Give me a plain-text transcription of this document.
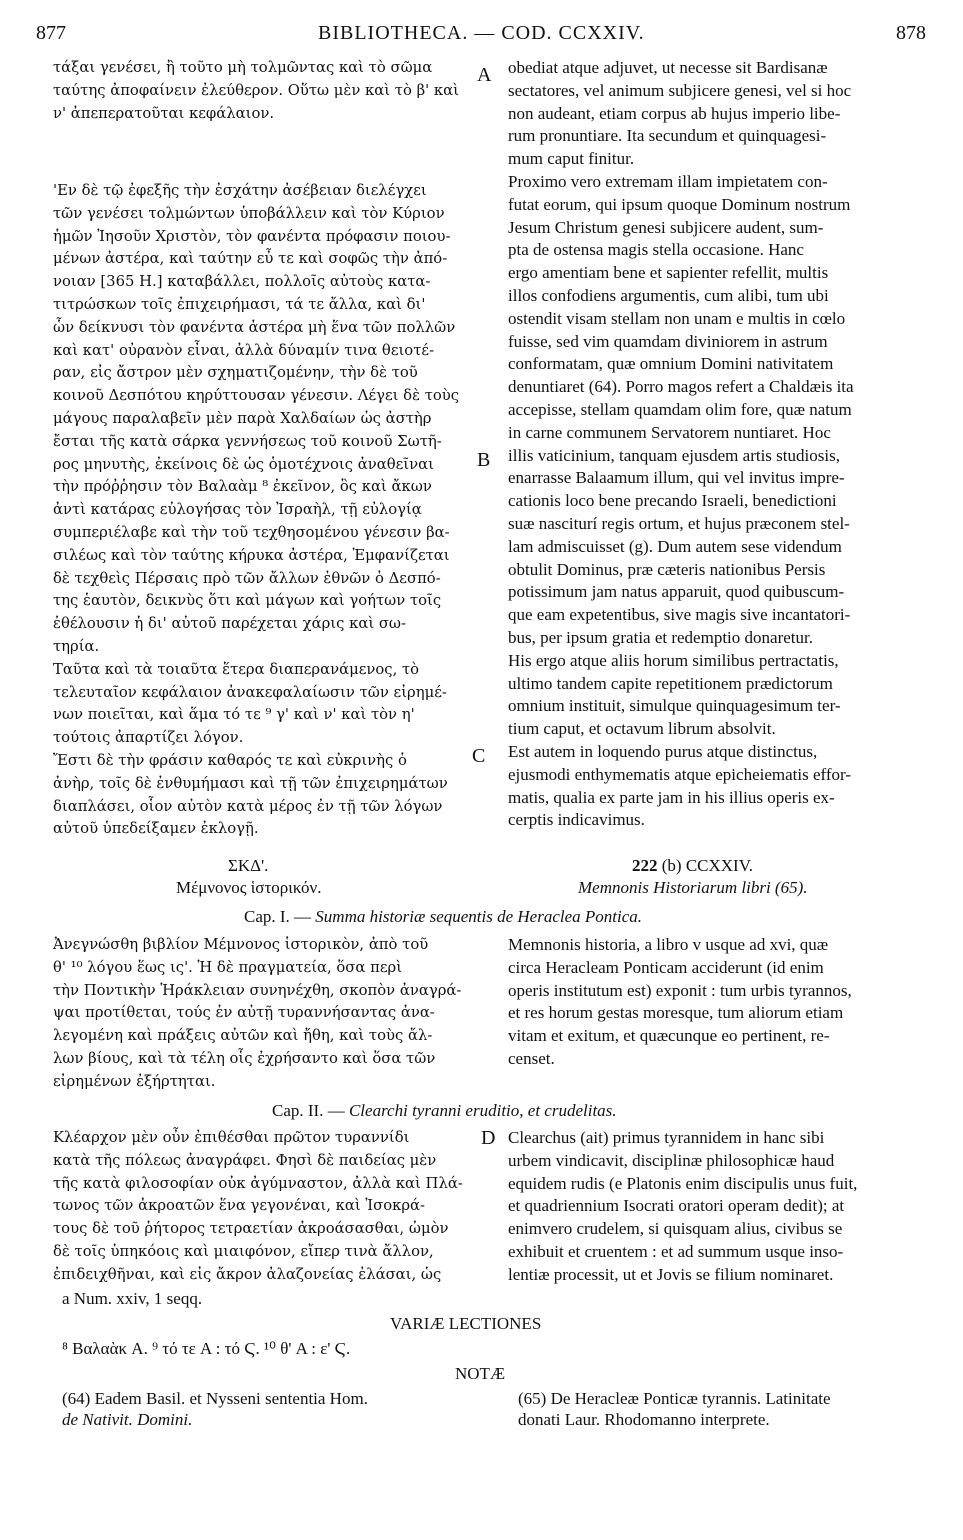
877	BIBLIOTHECA. — COD. CCXXIV.	878
A
B
C
D
τάξαι γενέσει, ἢ τοῦτο μὴ τολμῶντας καὶ τὸ σῶμα
ταύτης ἀποφαίνειν ἐλεύθερον. Οὕτω μὲν καὶ τὸ β' καὶ
ν' ἀπεπερατοῦται κεφάλαιον.
'Εν δὲ τῷ ἐφεξῆς τὴν ἐσχάτην ἀσέβειαν διελέγχει
τῶν γενέσει τολμώντων ὑποβάλλειν καὶ τὸν Κύριον
ἡμῶν Ἰησοῦν Χριστὸν, τὸν φανέντα πρόφασιν ποιου-
μένων ἀστέρα, καὶ ταύτην εὖ τε καὶ σοφῶς τὴν ἀπό-
νοιαν [365 Η.] καταβάλλει, πολλοῖς αὐτοὺς κατα-
τιτρώσκων τοῖς ἐπιχειρήμασι, τά τε ἄλλα, καὶ δι'
ὧν δείκνυσι τὸν φανέντα ἀστέρα μὴ ἕνα τῶν πολλῶν
καὶ κατ' οὐρανὸν εἶναι, ἀλλὰ δύναμίν τινα θειοτέ-
ραν, εἰς ἄστρον μὲν σχηματιζομένην, τὴν δὲ τοῦ
κοινοῦ Δεσπότου κηρύττουσαν γένεσιν. Λέγει δὲ τοὺς
μάγους παραλαβεῖν μὲν παρὰ Χαλδαίων ὡς ἀστὴρ
ἔσται τῆς κατὰ σάρκα γεννήσεως τοῦ κοινοῦ Σωτῆ-
ρος μηνυτὴς, ἐκείνοις δὲ ὡς ὁμοτέχνοις ἀναθεῖναι
τὴν πρόῤῥησιν τὸν Βαλαὰμ ⁸ ἐκεῖνον, ὃς καὶ ἄκων
ἀντὶ κατάρας εὐλογήσας τὸν Ἰσραὴλ, τῇ εὐλογίᾳ
συμπεριέλαβε καὶ τὴν τοῦ τεχθησομένου γένεσιν βα-
σιλέως καὶ τὸν ταύτης κήρυκα ἀστέρα, Ἐμφανίζεται
δὲ τεχθεὶς Πέρσαις πρὸ τῶν ἄλλων ἐθνῶν ὁ Δεσπό-
της ἑαυτὸν, δεικνὺς ὅτι καὶ μάγων καὶ γοήτων τοῖς
ἐθέλουσιν ἡ δι' αὐτοῦ παρέχεται χάρις καὶ σω-
τηρία.
Ταῦτα καὶ τὰ τοιαῦτα ἕτερα διαπερανάμενος, τὸ
τελευταῖον κεφάλαιον ἀνακεφαλαίωσιν τῶν εἰρημέ-
νων ποιεῖται, καὶ ἅμα τό τε ⁹ γ' καὶ ν' καὶ τὸν η'
τούτοις ἀπαρτίζει λόγον.
Ἔστι δὲ τὴν φράσιν καθαρός τε καὶ εὐκρινὴς ὁ
ἀνὴρ, τοῖς δὲ ἐνθυμήμασι καὶ τῇ τῶν ἐπιχειρημάτων
διαπλάσει, οἷον αὐτὸν κατὰ μέρος ἐν τῇ τῶν λόγων
αὐτοῦ ὑπεδείξαμεν ἐκλογῇ.
obediat atque adjuvet, ut necesse sit Bardisanæ
sectatores, vel animum subjicere genesi, vel si hoc
non audeant, etiam corpus ab hujus imperio libe-
rum pronuntiare. Ita secundum et quinquagesi-
mum caput finitur.
Proximo vero extremam illam impietatem con-
futat eorum, qui ipsum quoque Dominum nostrum
Jesum Christum genesi subjicere audent, sum-
pta de ostensa magis stella occasione. Hanc
ergo amentiam bene et sapienter refellit, multis
illos confodiens argumentis, cum alibi, tum ubi
ostendit visam stellam non unam e multis in cœlo
fuisse, sed vim quamdam diviniorem in astrum
conformatam, quæ omnium Domini nativitatem
denuntiaret (64). Porro magos refert a Chaldæis ita
accepisse, stellam quamdam olim fore, quæ natum
in carne communem Servatorem nuntiaret. Hoc
illis vaticinium, tanquam ejusdem artis studiosis,
enarrasse Balaamum illum, qui vel invitus impre-
cationis loco bene precando Israeli, benedictioni
suæ nasciturí regis ortum, et hujus præconem stel-
lam admiscuisset (g). Dum autem sese videndum
obtulit Dominus, præ cæteris nationibus Persis
potissimum jam natus apparuit, quod quibuscum-
que eam expetentibus, sive magis sive incantatori-
bus, per ipsum gratia et redemptio donaretur.
His ergo atque aliis horum similibus pertractatis,
ultimo tandem capite repetitionem prædictorum
omnium instituit, simulque quinquagesimum ter-
tium caput, et octavum librum absolvit.
Est autem in loquendo purus atque distinctus,
ejusmodi enthymematis atque epicheiematis effor-
matis, qualia ex parte jam in his illius operis ex-
cerptis indicavimus.
ΣΚΔ'.
Μέμνονος ἱστορικόν.
222 (b) CCXXIV.
Memnonis Historiarum libri (65).
Cap. I. — Summa historiæ sequentis de Heraclea Pontica.
Ἀνεγνώσθη βιβλίον Μέμνονος ἱστορικὸν, ἀπὸ τοῦ
θ' ¹⁰ λόγου ἕως ις'. Ἡ δὲ πραγματεία, ὅσα περὶ
τὴν Ποντικὴν Ἡράκλειαν συνηνέχθη, σκοπὸν ἀναγρά-
ψαι προτίθεται, τούς ἐν αὐτῇ τυραννήσαντας ἀνα-
λεγομένη καὶ πράξεις αὐτῶν καὶ ἤθη, καὶ τοὺς ἄλ-
λων βίους, καὶ τὰ τέλη οἷς ἐχρήσαντο καὶ ὅσα τῶν
εἰρημένων ἐξήρτηται.
Memnonis historia, a libro v usque ad xvi, quæ
circa Heracleam Ponticam acciderunt (id enim
operis institutum est) exponit : tum urbis tyrannos,
et res horum gestas moresque, tum aliorum etiam
vitam et exitum, et quæcunque eo pertinent, re-
censet.
Cap. II. — Clearchi tyranni eruditio, et crudelitas.
Κλέαρχον μὲν οὖν ἐπιθέσθαι πρῶτον τυραννίδι
κατὰ τῆς πόλεως ἀναγράφει. Φησὶ δὲ παιδείας μὲν
τῆς κατὰ φιλοσοφίαν οὐκ ἀγύμναστον, ἀλλὰ καὶ Πλά-
τωνος τῶν ἀκροατῶν ἕνα γεγονέναι, καὶ Ἰσοκρά-
τους δὲ τοῦ ῥήτορος τετραετίαν ἀκροάσασθαι, ὠμὸν
δὲ τοῖς ὑπηκόοις καὶ μιαιφόνον, εἴπερ τινὰ ἄλλον,
ἐπιδειχθῆναι, καὶ εἰς ἄκρον ἀλαζονείας ἐλάσαι, ὡς
Clearchus (ait) primus tyrannidem in hanc sibi
urbem vindicavit, disciplinæ philosophicæ haud
equidem rudis (e Platonis enim discipulis unus fuit,
et quadriennium Isocrati oratori operam dedit); at
enimvero crudelem, si quisquam alius, civibus se
exhibuit et cruentem : et ad summum usque inso-
lentiæ processit, ut et Jovis se filium nominaret.
a Num. xxiv, 1 seqq.
VARIÆ LECTIONES
⁸ Βαλαὰκ A. ⁹ τό τε A : τό Ϛ. ¹⁰ θ' A : ε' Ϛ.
NOTÆ
(64) Eadem Basil. et Nysseni sententia Hom.
de Nativit. Domini.
(65) De Heracleæ Ponticæ tyrannis. Latinitate
donati Laur. Rhodomanno interprete.
